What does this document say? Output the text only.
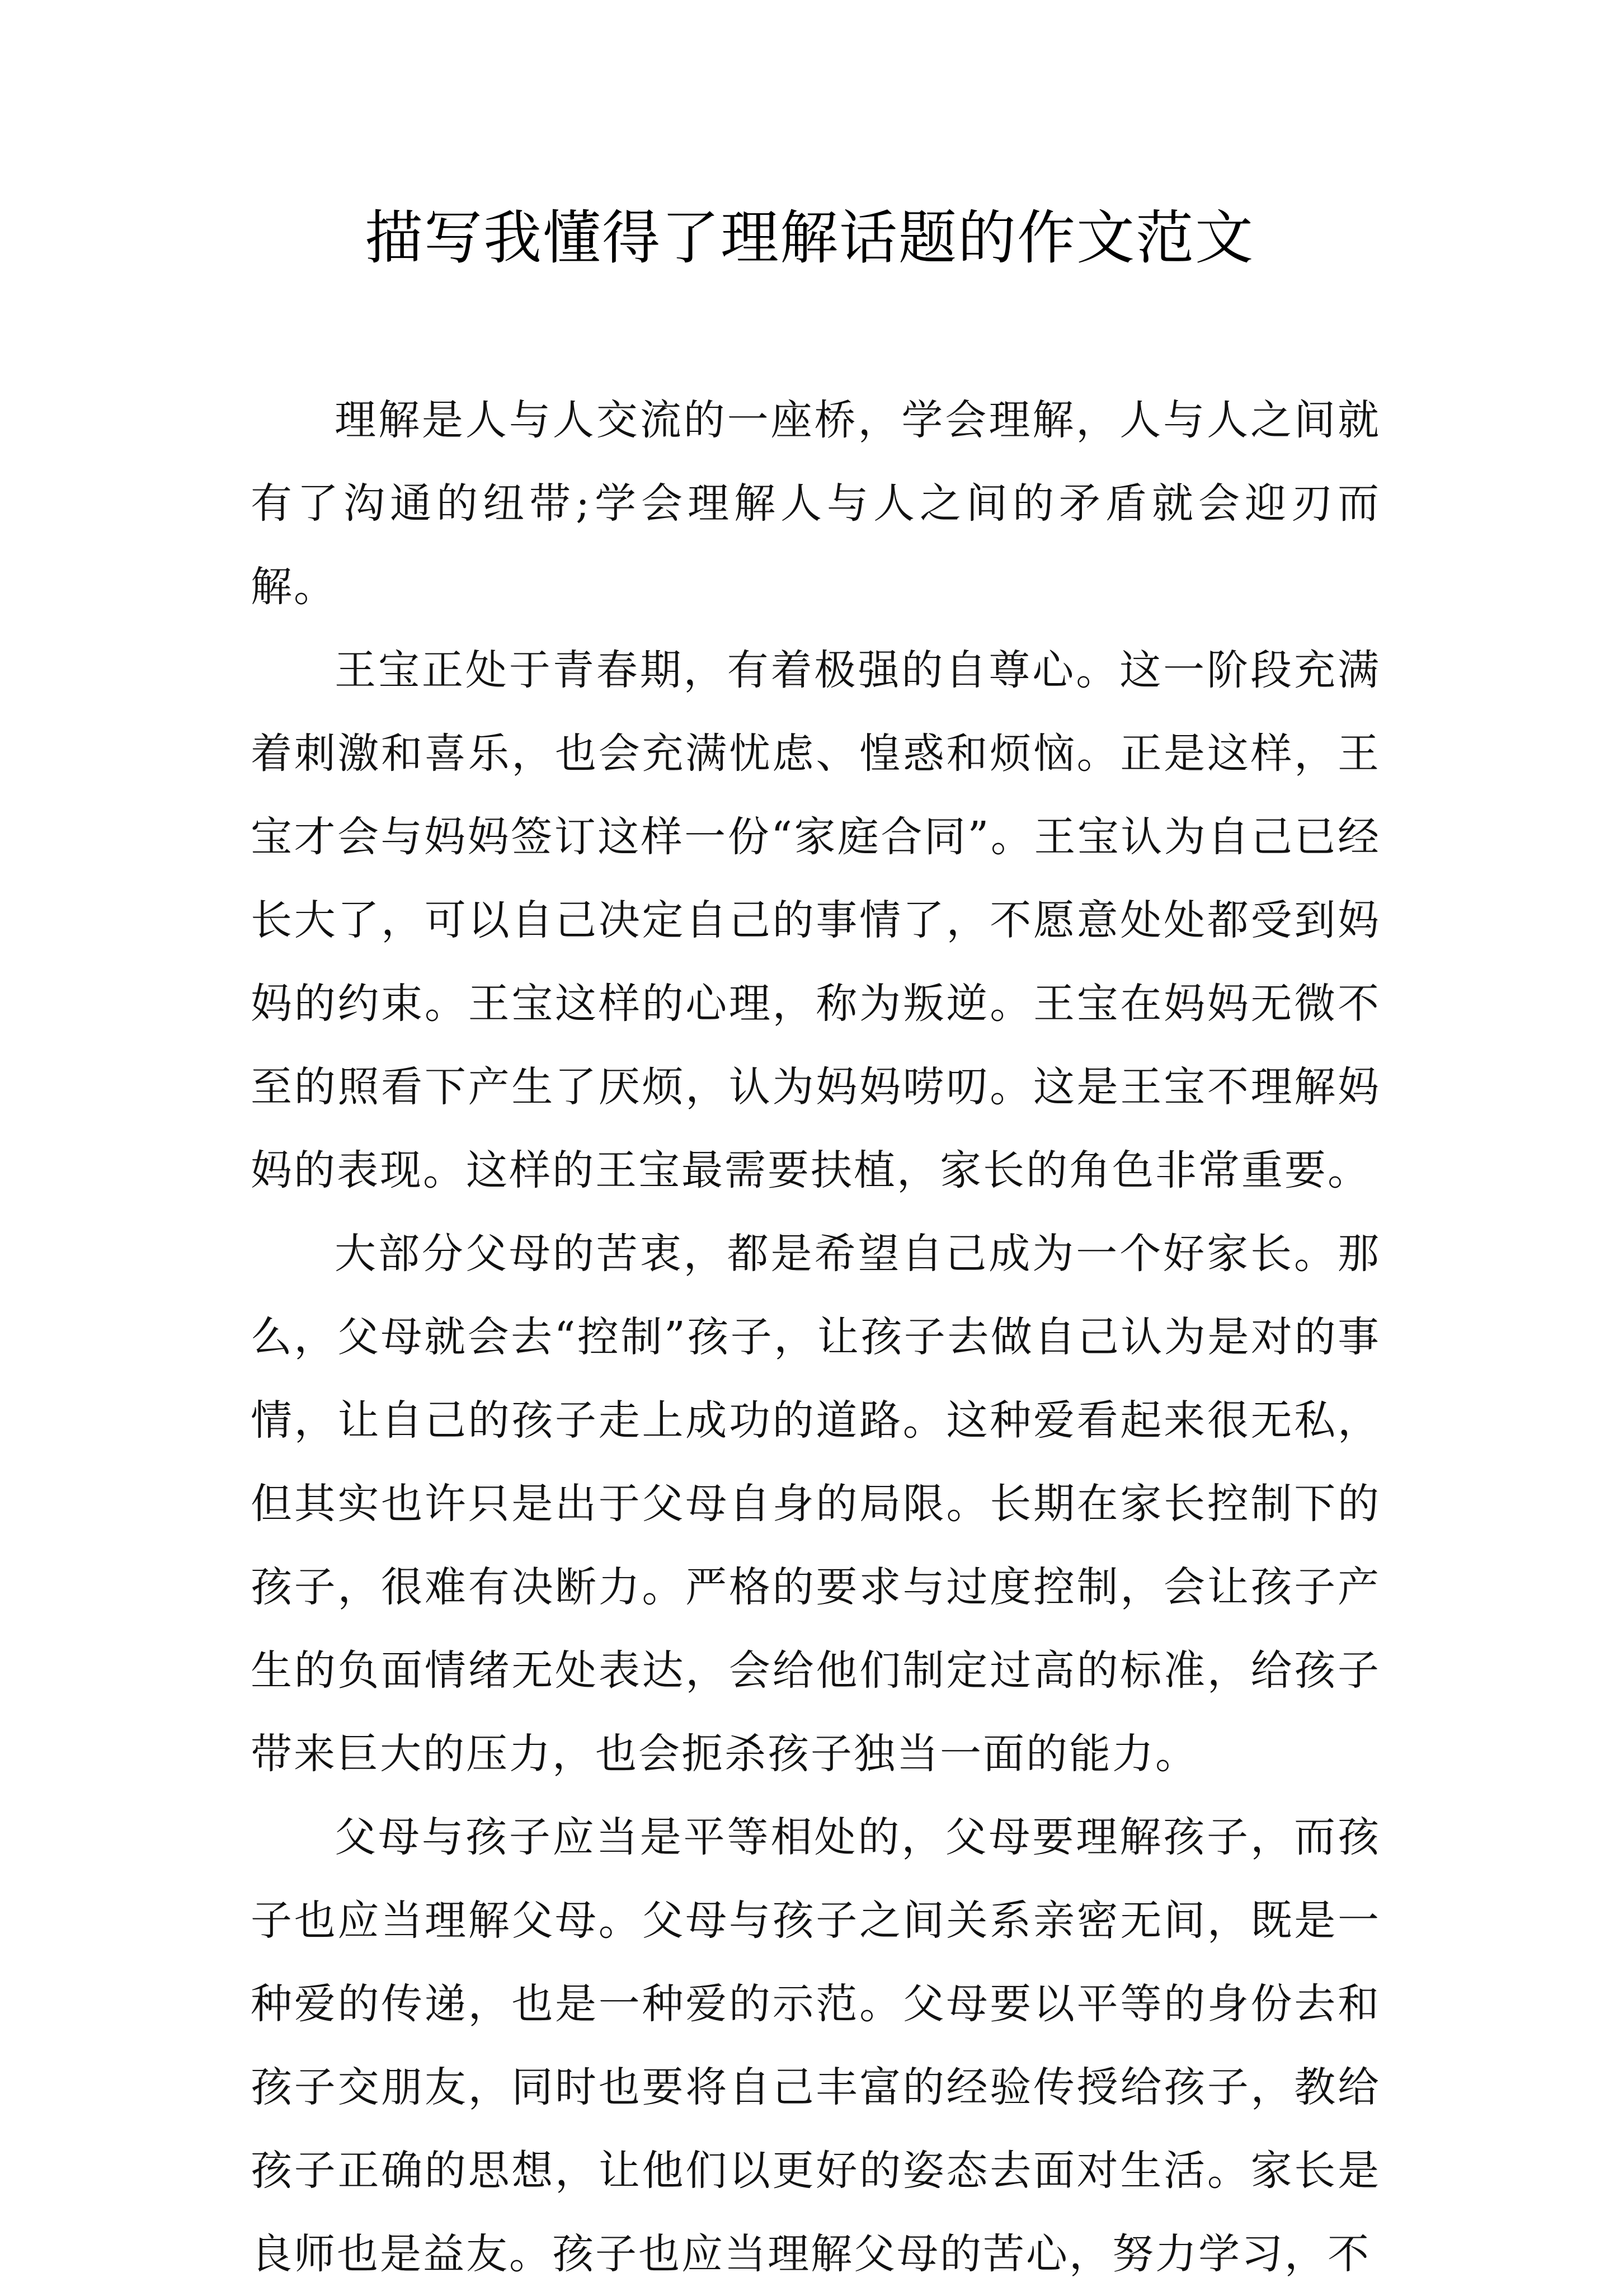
描写我懂得了理解话题的作文范文

理解是人与人交流的一座桥，学会理解，人与人之间就有了沟通的纽带;学会理解人与人之间的矛盾就会迎刃而解。

王宝正处于青春期，有着极强的自尊心。这一阶段充满着刺激和喜乐，也会充满忧虑、惶惑和烦恼。正是这样，王宝才会与妈妈签订这样一份“家庭合同”。王宝认为自己已经长大了，可以自己决定自己的事情了，不愿意处处都受到妈妈的约束。王宝这样的心理，称为叛逆。王宝在妈妈无微不至的照看下产生了厌烦，认为妈妈唠叨。这是王宝不理解妈妈的表现。这样的王宝最需要扶植，家长的角色非常重要。

大部分父母的苦衷，都是希望自己成为一个好家长。那么，父母就会去“控制”孩子，让孩子去做自己认为是对的事情，让自己的孩子走上成功的道路。这种爱看起来很无私，但其实也许只是出于父母自身的局限。长期在家长控制下的孩子，很难有决断力。严格的要求与过度控制，会让孩子产生的负面情绪无处表达，会给他们制定过高的标准，给孩子带来巨大的压力，也会扼杀孩子独当一面的能力。

父母与孩子应当是平等相处的，父母要理解孩子，而孩子也应当理解父母。父母与孩子之间关系亲密无间，既是一种爱的传递，也是一种爱的示范。父母要以平等的身份去和孩子交朋友，同时也要将自己丰富的经验传授给孩子，教给孩子正确的思想，让他们以更好的姿态去面对生活。家长是良师也是益友。孩子也应当理解父母的苦心，努力学习，不
